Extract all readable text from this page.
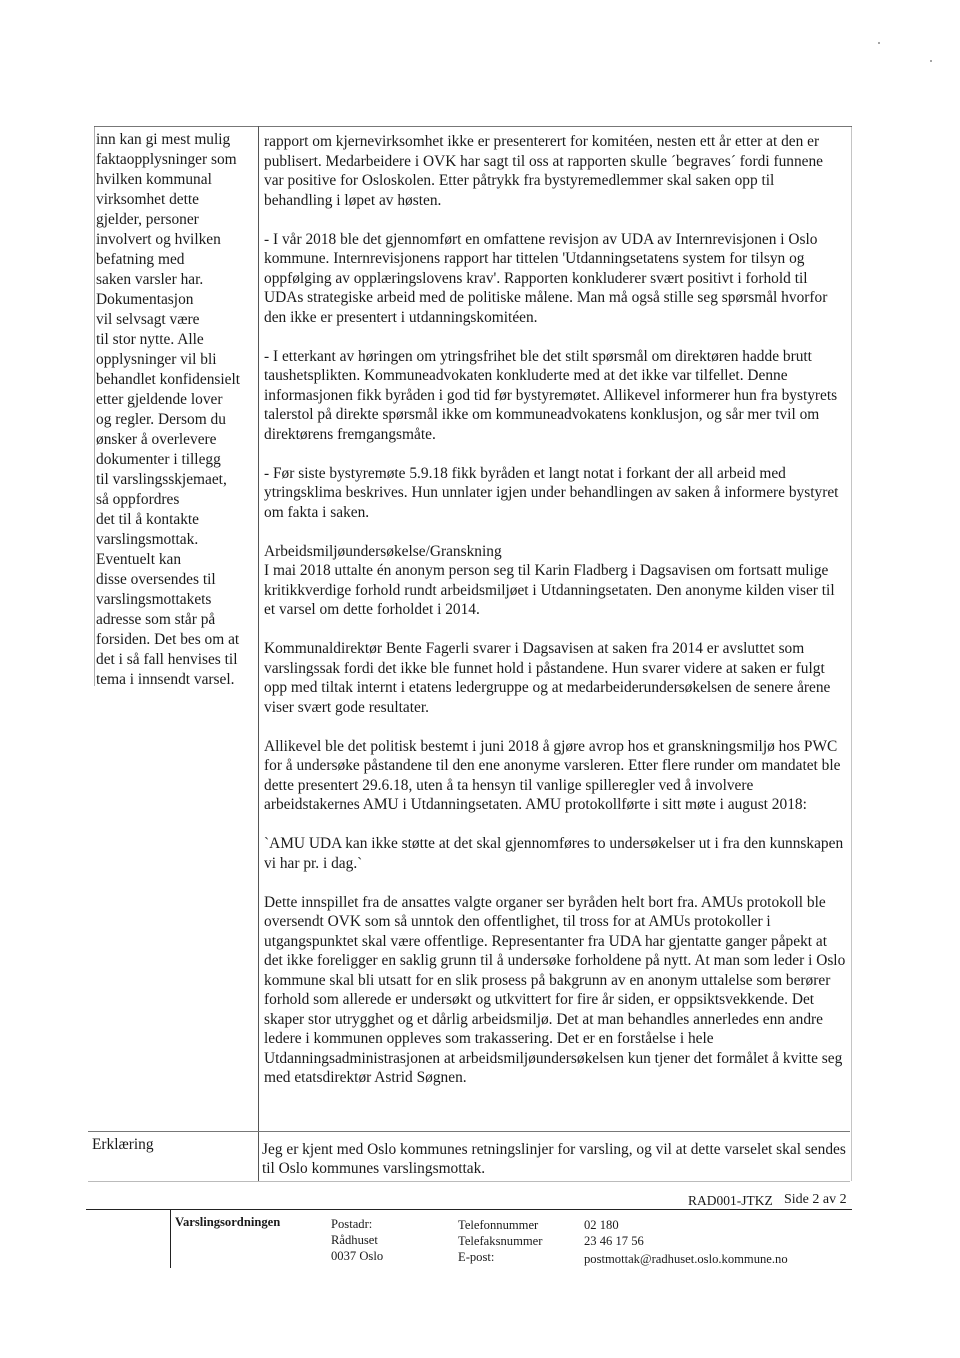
inn kan gi mest mulig

faktaopplysninger som

hvilken kommunal

virksomhet dette

gjelder, personer

involvert og hvilken

befatning med

saken varsler har.

Dokumentasjon

vil selvsagt være

til stor nytte. Alle

opplysninger vil bli

behandlet konfidensielt

etter gjeldende lover

og regler. Dersom du

ønsker å overlevere

dokumenter i tillegg

til varslingsskjemaet,

så oppfordres

det til å kontakte

varslingsmottak.

Eventuelt kan

disse oversendes til

varslingsmottakets

adresse som står på

forsiden. Det bes om at

det i så fall henvises til

tema i innsendt varsel.

rapport om kjernevirksomhet ikke er presenterert for komitéen, nesten ett år etter at den er publisert. Medarbeidere i OVK har sagt til oss at rapporten skulle ´begraves´ fordi funnene var positive for Osloskolen. Etter påtrykk fra bystyremedlemmer skal saken opp til behandling i løpet av høsten.

- I vår 2018 ble det gjennomført en omfattene revisjon av UDA av Internrevisjonen i Oslo kommune. Internrevisjonens rapport har tittelen 'Utdanningsetatens system for tilsyn og oppfølging av opplæringslovens krav'. Rapporten konkluderer svært positivt i forhold til UDAs strategiske arbeid med de politiske målene. Man må også stille seg spørsmål hvorfor den ikke er presentert i utdanningskomitéen.

- I etterkant av høringen om ytringsfrihet ble det stilt spørsmål om direktøren hadde brutt taushetsplikten. Kommuneadvokaten konkluderte med at det ikke var tilfellet. Denne informasjonen fikk byråden i god tid før bystyremøtet. Allikevel informerer hun fra bystyrets talerstol på direkte spørsmål ikke om kommuneadvokatens konklusjon, og sår mer tvil om direktørens fremgangsmåte.

- Før siste bystyremøte 5.9.18 fikk byråden et langt notat i forkant der all arbeid med ytringsklima beskrives. Hun unnlater igjen under behandlingen av saken å informere bystyret om fakta i saken.

Arbeidsmiljøundersøkelse/Granskning

I mai 2018 uttalte én anonym person seg til Karin Fladberg i Dagsavisen om fortsatt mulige kritikkverdige forhold rundt arbeidsmiljøet i Utdanningsetaten. Den anonyme kilden viser til et varsel om dette forholdet i 2014.

Kommunaldirektør Bente Fagerli svarer i Dagsavisen at saken fra 2014 er avsluttet som varslingssak fordi det ikke ble funnet hold i påstandene. Hun svarer videre at saken er fulgt opp med tiltak internt i etatens ledergruppe og at medarbeiderundersøkelsen de senere årene viser svært gode resultater.

Allikevel ble det politisk bestemt i juni 2018 å gjøre avrop hos et granskningsmiljø hos PWC for å undersøke påstandene til den ene anonyme varsleren. Etter flere runder om mandatet ble dette presentert 29.6.18, uten å ta hensyn til vanlige spilleregler ved å involvere arbeidstakernes AMU i Utdanningsetaten. AMU protokollførte i sitt møte i august 2018:

`AMU UDA kan ikke støtte at det skal gjennomføres to undersøkelser ut i fra den kunnskapen vi har pr. i dag.`

Dette innspillet fra de ansattes valgte organer ser byråden helt bort fra. AMUs protokoll ble oversendt OVK som så unntok den offentlighet, til tross for at AMUs protokoller i utgangspunktet skal være offentlige. Representanter fra UDA har gjentatte ganger påpekt at det ikke foreligger en saklig grunn til å undersøke forholdene på nytt. At man som leder i Oslo kommune skal bli utsatt for en slik prosess på bakgrunn av en anonym uttalelse som berører forhold som allerede er undersøkt og utkvittert for fire år siden, er oppsiktsvekkende. Det skaper stor utrygghet og et dårlig arbeidsmiljø. Det at man behandles annerledes enn andre ledere i kommunen oppleves som trakassering. Det er en forståelse i hele Utdanningsadministrasjonen at arbeidsmiljøundersøkelsen kun tjener det formålet å kvitte seg med etatsdirektør Astrid Søgnen.

Erklæring	Jeg er kjent med Oslo kommunes retningslinjer for varsling, og vil at dette varselet skal sendes til Oslo kommunes varslingsmottak.
RAD001-JTKZ Side 2 av 2
Varslingsordningen	Postadr:
Rådhuset
0037 Oslo
Telefonnummer
Telefaksnummer
E-post:
02 180
23 46 17 56
postmottak@radhuset.oslo.kommune.no
